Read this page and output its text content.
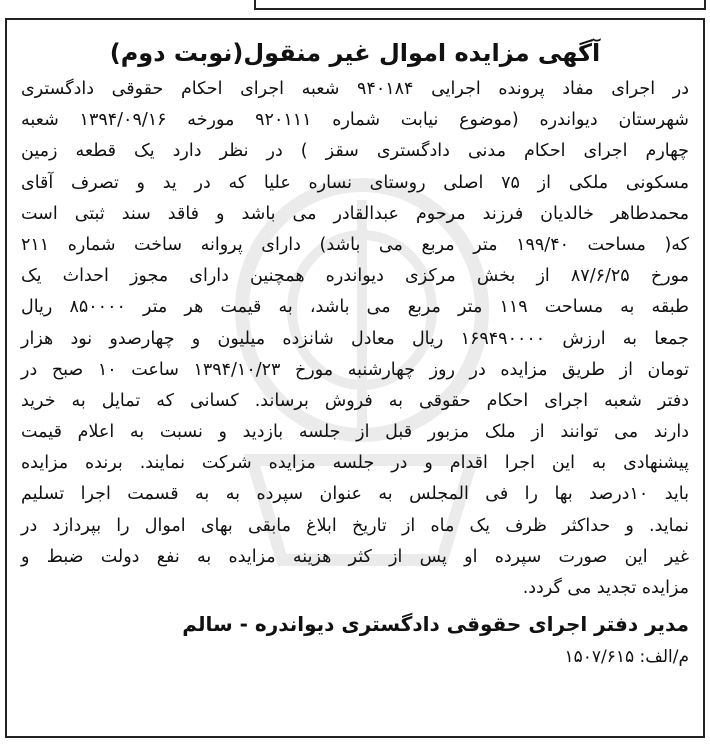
آگهی مزایده اموال غیر منقول(نوبت دوم)
در اجرای مفاد پرونده اجرایی ۹۴۰۱۸۴ شعبه اجرای احکام حقوقی دادگستری
شهرستان دیواندره (موضوع نیابت شماره ۹۲۰۱۱۱ مورخه ۱۳۹۴/۰۹/۱۶ شعبه
چهارم اجرای احکام مدنی دادگستری سقز ) در نظر دارد یک قطعه زمین
مسکونی ملکی از ۷۵ اصلی روستای نساره علیا که در ید و تصرف آقای
محمدطاهر خالدیان فرزند مرحوم عبدالقادر می باشد و فاقد سند ثبتی است
که( مساحت ۱۹۹/۴۰ متر مربع می باشد) دارای پروانه ساخت شماره ۲۱۱
مورخ ۸۷/۶/۲۵ از بخش مرکزی دیواندره همچنین دارای مجوز احداث یک
طبقه به مساحت ۱۱۹ متر مربع می باشد، به قیمت هر متر ۸۵۰۰۰۰ ریال
جمعا به ارزش ۱۶۹۴۹۰۰۰۰ ریال معادل شانزده میلیون و چهارصدو نود هزار
تومان از طریق مزایده در روز چهارشنبه مورخ ۱۳۹۴/۱۰/۲۳ ساعت ۱۰ صبح در
دفتر شعبه اجرای احکام حقوقی به فروش برساند. کسانی که تمایل به خرید
دارند می توانند از ملک مزبور قبل از جلسه بازدید و نسبت به اعلام قیمت
پیشنهادی به این اجرا اقدام و در جلسه مزایده شرکت نمایند. برنده مزایده
باید ۱۰درصد بها را فی المجلس به عنوان سپرده به به قسمت اجرا تسلیم
نماید. و حداکثر ظرف یک ماه از تاریخ ابلاغ مابقی بهای اموال را بپردازد در
غیر این صورت سپرده او پس از کثر هزینه مزایده به نفع دولت ضبط و
مزایده تجدید می گردد.
مدیر دفتر اجرای حقوقی دادگستری دیواندره - سالم
م/الف: ۱۵۰۷/۶۱۵
